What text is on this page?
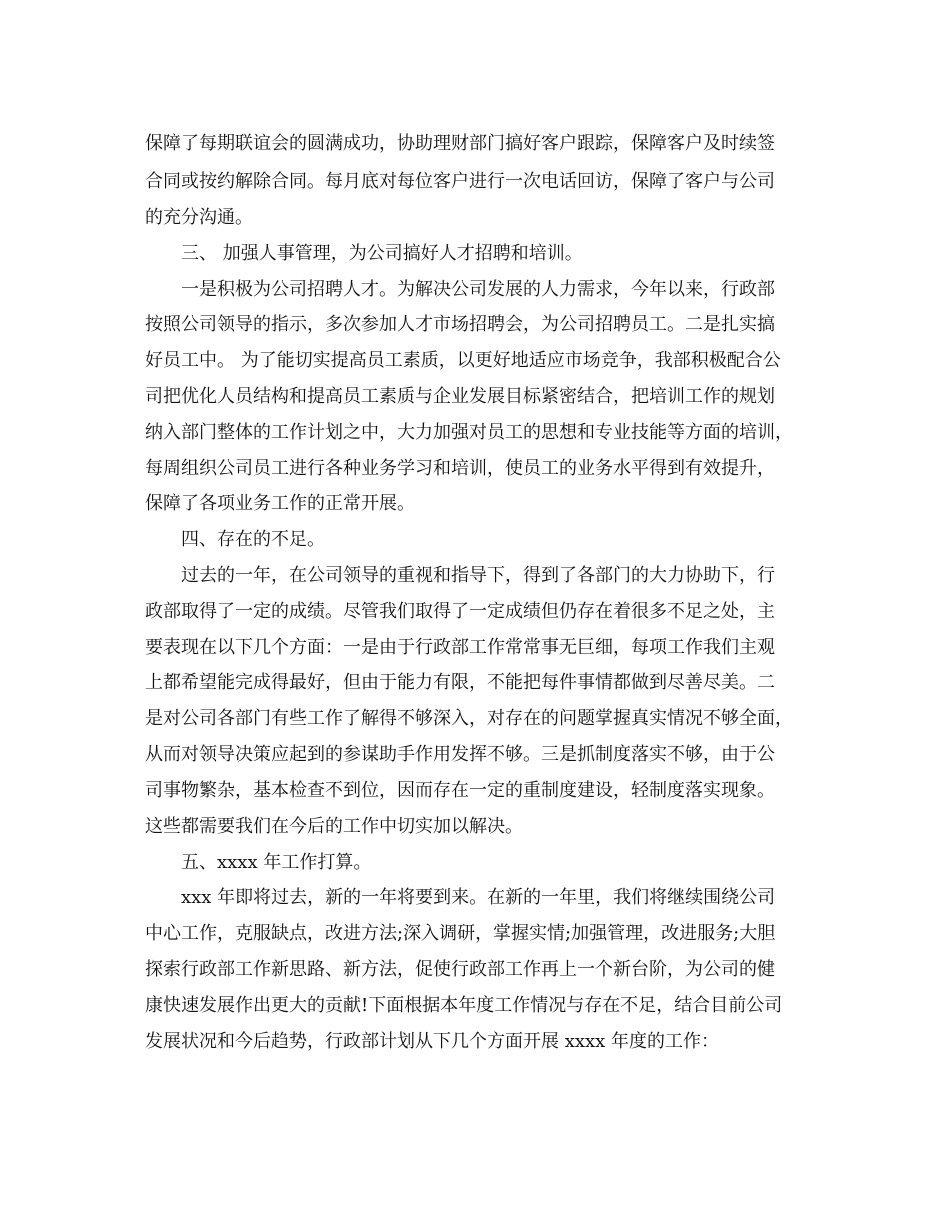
保障了每期联谊会的圆满成功，协助理财部门搞好客户跟踪，保障客户及时续签

合同或按约解除合同。每月底对每位客户进行一次电话回访，保障了客户与公司

的充分沟通。

三、 加强人事管理，为公司搞好人才招聘和培训。

一是积极为公司招聘人才。为解决公司发展的人力需求，今年以来，行政部

按照公司领导的指示，多次参加人才市场招聘会，为公司招聘员工。二是扎实搞

好员工中。 为了能切实提高员工素质，以更好地适应市场竞争，我部积极配合公

司把优化人员结构和提高员工素质与企业发展目标紧密结合，把培训工作的规划

纳入部门整体的工作计划之中，大力加强对员工的思想和专业技能等方面的培训，

每周组织公司员工进行各种业务学习和培训，使员工的业务水平得到有效提升，

保障了各项业务工作的正常开展。

四、存在的不足。

过去的一年，在公司领导的重视和指导下，得到了各部门的大力协助下，行

政部取得了一定的成绩。尽管我们取得了一定成绩但仍存在着很多不足之处，主

要表现在以下几个方面：一是由于行政部工作常常事无巨细，每项工作我们主观

上都希望能完成得最好，但由于能力有限，不能把每件事情都做到尽善尽美。二

是对公司各部门有些工作了解得不够深入，对存在的问题掌握真实情况不够全面，

从而对领导决策应起到的参谋助手作用发挥不够。三是抓制度落实不够，由于公

司事物繁杂，基本检查不到位，因而存在一定的重制度建设，轻制度落实现象。

这些都需要我们在今后的工作中切实加以解决。

五、xxxx 年工作打算。

xxx 年即将过去，新的一年将要到来。在新的一年里，我们将继续围绕公司

中心工作，克服缺点，改进方法;深入调研，掌握实情;加强管理，改进服务;大胆

探索行政部工作新思路、新方法，促使行政部工作再上一个新台阶，为公司的健

康快速发展作出更大的贡献!下面根据本年度工作情况与存在不足，结合目前公司

发展状况和今后趋势，行政部计划从下几个方面开展 xxxx 年度的工作：
